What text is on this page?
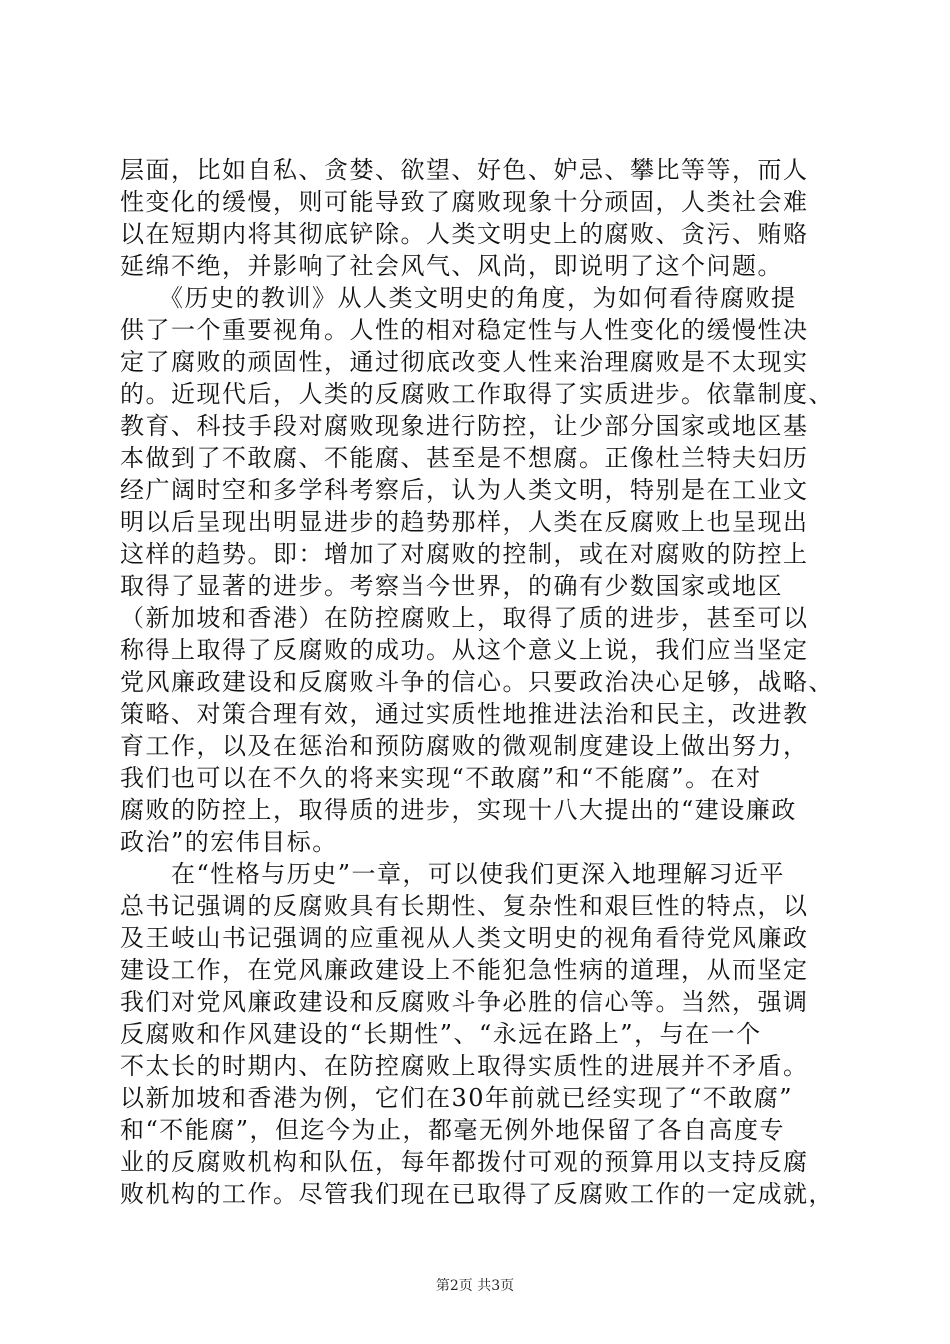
层面，比如自私、贪婪、欲望、好色、妒忌、攀比等等，而人
性变化的缓慢，则可能导致了腐败现象十分顽固，人类社会难
以在短期内将其彻底铲除。人类文明史上的腐败、贪污、贿赂
延绵不绝，并影响了社会风气、风尚，即说明了这个问题。
　　《历史的教训》从人类文明史的角度，为如何看待腐败提
供了一个重要视角。人性的相对稳定性与人性变化的缓慢性决
定了腐败的顽固性，通过彻底改变人性来治理腐败是不太现实
的。近现代后，人类的反腐败工作取得了实质进步。依靠制度、
教育、科技手段对腐败现象进行防控，让少部分国家或地区基
本做到了不敢腐、不能腐、甚至是不想腐。正像杜兰特夫妇历
经广阔时空和多学科考察后，认为人类文明，特别是在工业文
明以后呈现出明显进步的趋势那样，人类在反腐败上也呈现出
这样的趋势。即：增加了对腐败的控制，或在对腐败的防控上
取得了显著的进步。考察当今世界，的确有少数国家或地区
（新加坡和香港）在防控腐败上，取得了质的进步，甚至可以
称得上取得了反腐败的成功。从这个意义上说，我们应当坚定
党风廉政建设和反腐败斗争的信心。只要政治决心足够，战略、
策略、对策合理有效，通过实质性地推进法治和民主，改进教
育工作，以及在惩治和预防腐败的微观制度建设上做出努力，
我们也可以在不久的将来实现“不敢腐”和“不能腐”。在对
腐败的防控上，取得质的进步，实现十八大提出的“建设廉政
政治”的宏伟目标。
　　在“性格与历史”一章，可以使我们更深入地理解习近平
总书记强调的反腐败具有长期性、复杂性和艰巨性的特点，以
及王岐山书记强调的应重视从人类文明史的视角看待党风廉政
建设工作，在党风廉政建设上不能犯急性病的道理，从而坚定
我们对党风廉政建设和反腐败斗争必胜的信心等。当然，强调
反腐败和作风建设的“长期性”、“永远在路上”，与在一个
不太长的时期内、在防控腐败上取得实质性的进展并不矛盾。
以新加坡和香港为例，它们在30年前就已经实现了“不敢腐”
和“不能腐”，但迄今为止，都毫无例外地保留了各自高度专
业的反腐败机构和队伍，每年都拨付可观的预算用以支持反腐
败机构的工作。尽管我们现在已取得了反腐败工作的一定成就，
第2页 共3页
